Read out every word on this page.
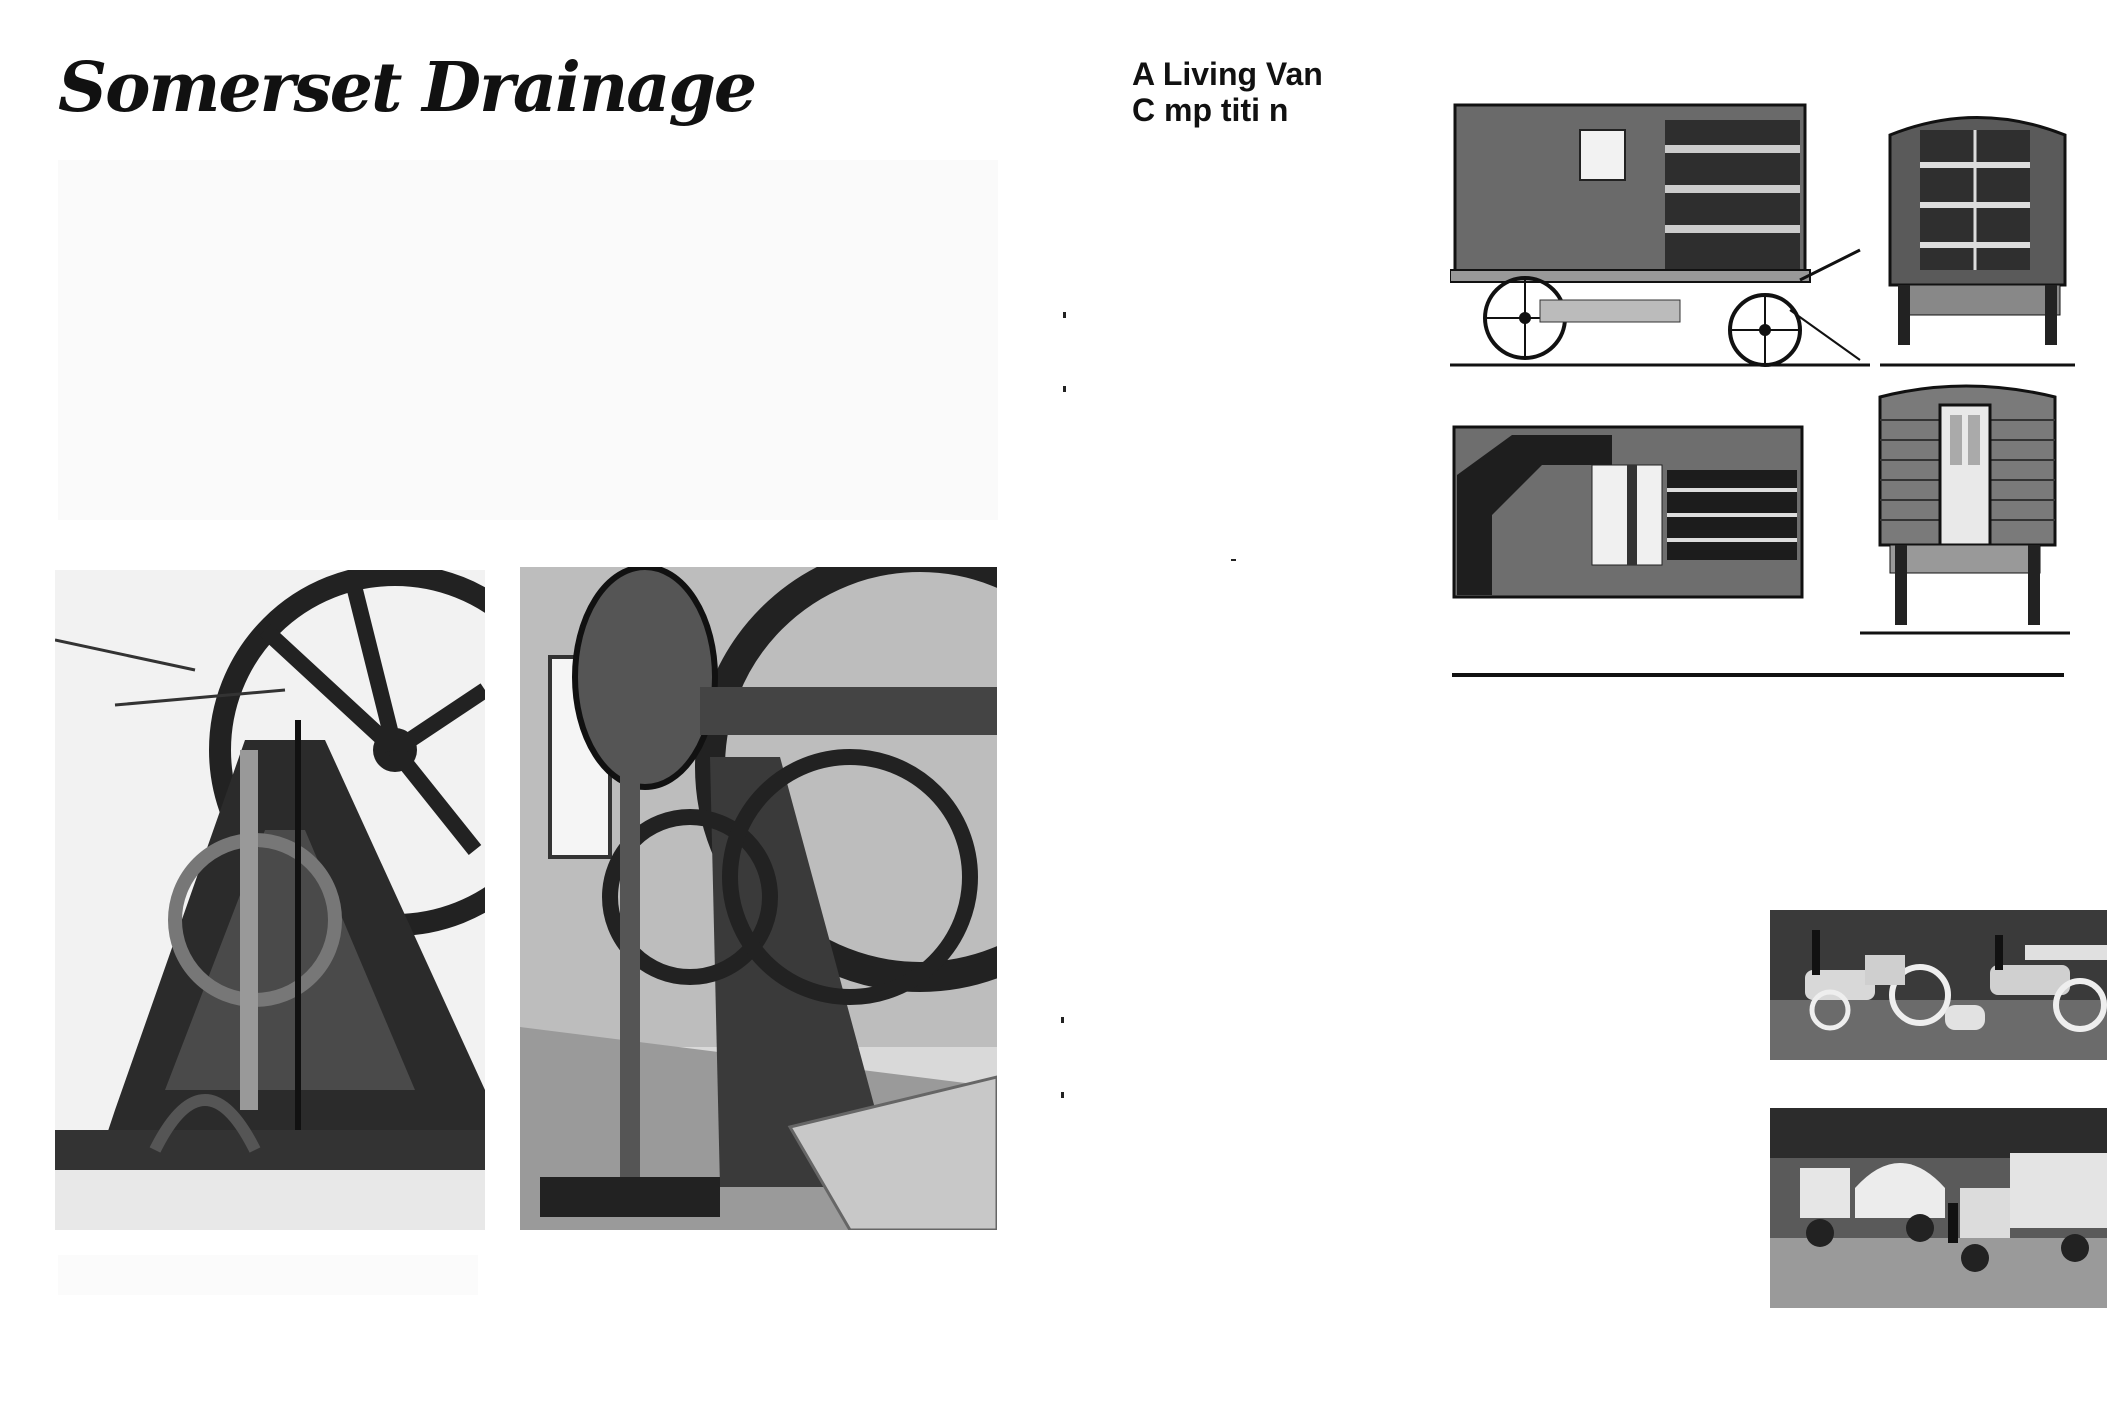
Somerset Drainage	A Living Van
C mp titi n
